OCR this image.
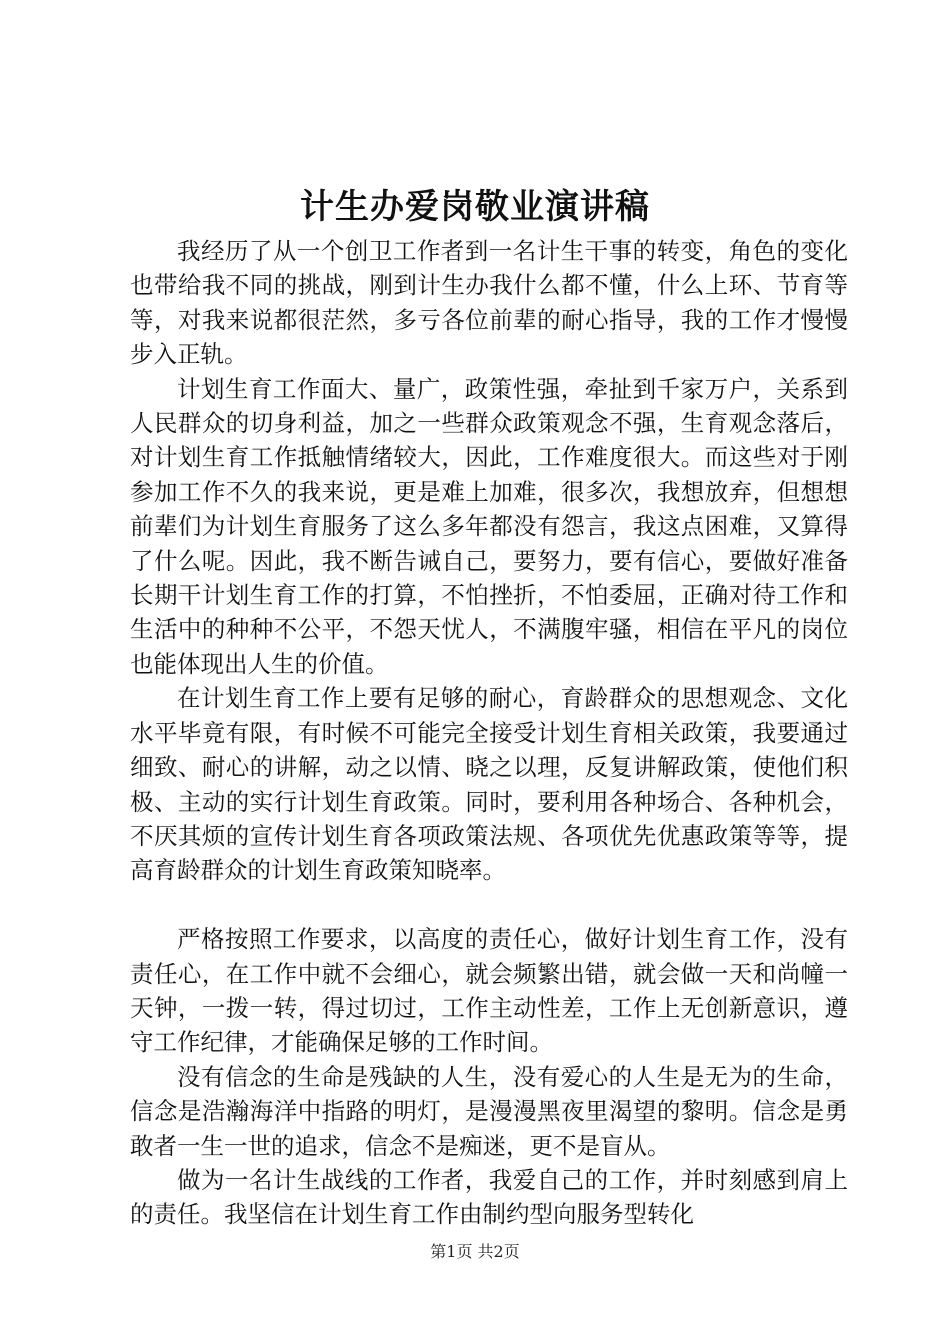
计生办爱岗敬业演讲稿

我经历了从一个创卫工作者到一名计生干事的转变，角色的变化也带给我不同的挑战，刚到计生办我什么都不懂，什么上环、节育等等，对我来说都很茫然，多亏各位前辈的耐心指导，我的工作才慢慢步入正轨。

计划生育工作面大、量广，政策性强，牵扯到千家万户，关系到人民群众的切身利益，加之一些群众政策观念不强，生育观念落后，对计划生育工作抵触情绪较大，因此，工作难度很大。而这些对于刚参加工作不久的我来说，更是难上加难，很多次，我想放弃，但想想前辈们为计划生育服务了这么多年都没有怨言，我这点困难，又算得了什么呢。因此，我不断告诫自己，要努力，要有信心，要做好准备长期干计划生育工作的打算，不怕挫折，不怕委屈，正确对待工作和生活中的种种不公平，不怨天忧人，不满腹牢骚，相信在平凡的岗位也能体现出人生的价值。

在计划生育工作上要有足够的耐心，育龄群众的思想观念、文化水平毕竟有限，有时候不可能完全接受计划生育相关政策，我要通过细致、耐心的讲解，动之以情、晓之以理，反复讲解政策，使他们积极、主动的实行计划生育政策。同时，要利用各种场合、各种机会，不厌其烦的宣传计划生育各项政策法规、各项优先优惠政策等等，提高育龄群众的计划生育政策知晓率。

严格按照工作要求，以高度的责任心，做好计划生育工作，没有责任心，在工作中就不会细心，就会频繁出错，就会做一天和尚幢一天钟，一拨一转，得过切过，工作主动性差，工作上无创新意识，遵守工作纪律，才能确保足够的工作时间。

没有信念的生命是残缺的人生，没有爱心的人生是无为的生命，信念是浩瀚海洋中指路的明灯，是漫漫黑夜里渴望的黎明。信念是勇敢者一生一世的追求，信念不是痴迷，更不是盲从。

做为一名计生战线的工作者，我爱自己的工作，并时刻感到肩上的责任。我坚信在计划生育工作由制约型向服务型转化

第1页 共2页
